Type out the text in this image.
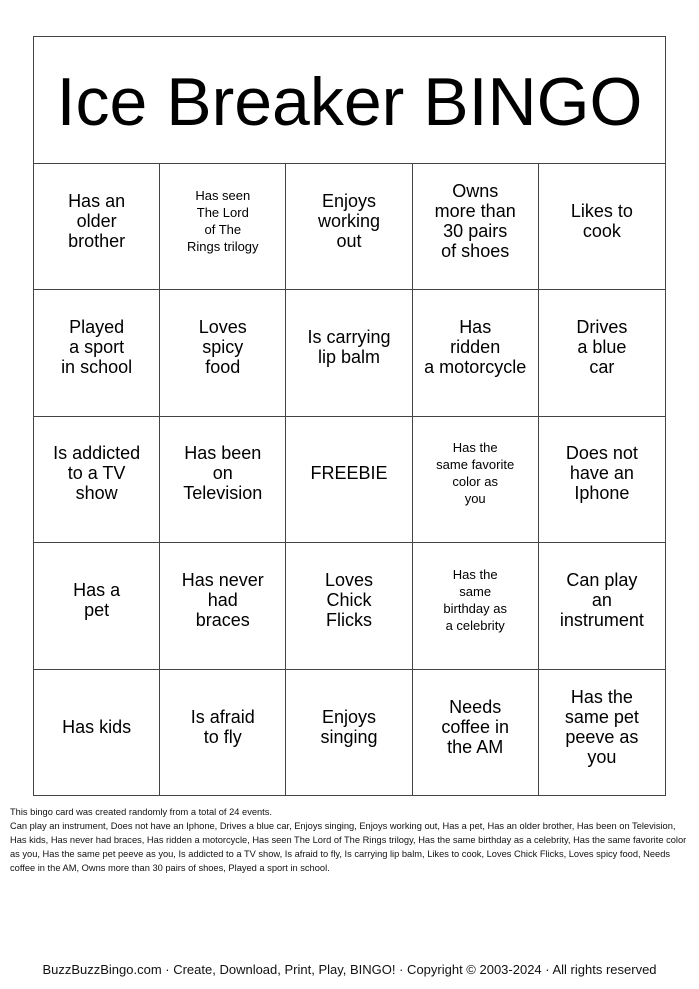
Ice Breaker BINGO
Has an
older
brother
Has seen
The Lord
of The
Rings trilogy
Enjoys
working
out
Owns
more than
30 pairs
of shoes
Likes to
cook
Played
a sport
in school
Loves
spicy
food
Is carrying
lip balm
Has
ridden
a motorcycle
Drives
a blue
car
Is addicted
to a TV
show
Has been
on
Television
FREEBIE
Has the
same favorite
color as
you
Does not
have an
Iphone
Has a
pet
Has never
had
braces
Loves
Chick
Flicks
Has the
same
birthday as
a celebrity
Can play
an
instrument
Has kids	Is afraid
to fly
Enjoys
singing
Needs
coffee in
the AM
Has the
same pet
peeve as
you

This bingo card was created randomly from a total of 24 events.

Can play an instrument, Does not have an Iphone, Drives a blue car, Enjoys singing, Enjoys working out, Has a pet, Has an older brother, Has been on Television, Has kids, Has never had braces, Has ridden a motorcycle, Has seen The Lord of The Rings trilogy, Has the same birthday as a celebrity, Has the same favorite color as you, Has the same pet peeve as you, Is addicted to a TV show, Is afraid to fly, Is carrying lip balm, Likes to cook, Loves Chick Flicks, Loves spicy food, Needs coffee in the AM, Owns more than 30 pairs of shoes, Played a sport in school.

BuzzBuzzBingo.com · Create, Download, Print, Play, BINGO! · Copyright © 2003-2024 · All rights reserved
